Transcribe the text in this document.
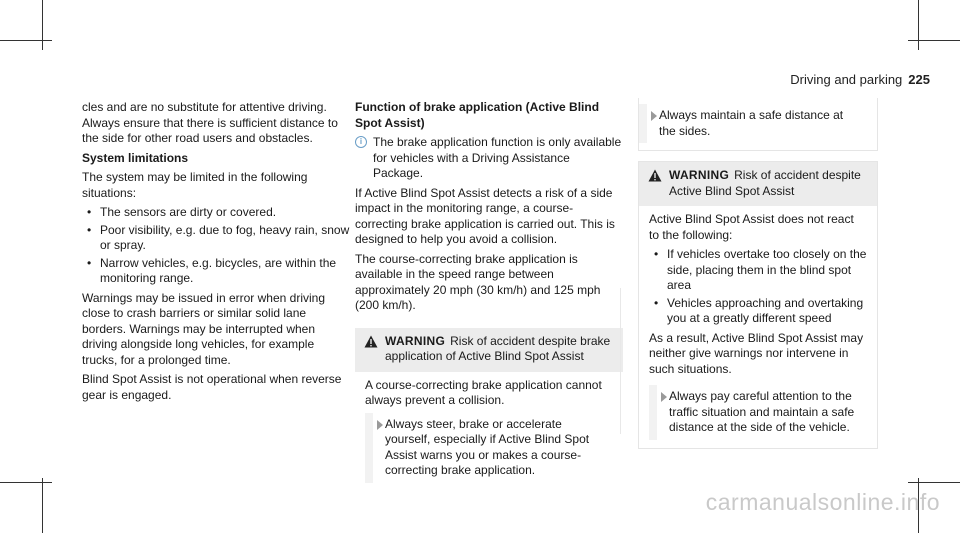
Driving and parking 225

cles and are no substitute for attentive driving. Always ensure that there is sufficient distance to the side for other road users and obstacles.

System limitations

The system may be limited in the following situations:

• The sensors are dirty or covered.
• Poor visibility, e.g. due to fog, heavy rain, snow or spray.
• Narrow vehicles, e.g. bicycles, are within the monitoring range.

Warnings may be issued in error when driving close to crash barriers or similar solid lane borders. Warnings may be interrupted when driving alongside long vehicles, for example trucks, for a prolonged time.

Blind Spot Assist is not operational when reverse gear is engaged.

Function of brake application (Active Blind Spot Assist)

i The brake application function is only available for vehicles with a Driving Assistance Package.

If Active Blind Spot Assist detects a risk of a side impact in the monitoring range, a course-correcting brake application is carried out. This is designed to help you avoid a collision.

The course-correcting brake application is available in the speed range between approximately 20 mph (30 km/h) and 125 mph (200 km/h).

WARNING Risk of accident despite brake application of Active Blind Spot Assist

A course-correcting brake application cannot always prevent a collision.

Always steer, brake or accelerate yourself, especially if Active Blind Spot Assist warns you or makes a course-correcting brake application.
Always maintain a safe distance at the sides.
WARNING Risk of accident despite Active Blind Spot Assist

Active Blind Spot Assist does not react to the following:

• If vehicles overtake too closely on the side, placing them in the blind spot area
• Vehicles approaching and overtaking you at a greatly different speed

As a result, Active Blind Spot Assist may neither give warnings nor intervene in such situations.

Always pay careful attention to the traffic situation and maintain a safe distance at the side of the vehicle.
carmanualsonline.info
